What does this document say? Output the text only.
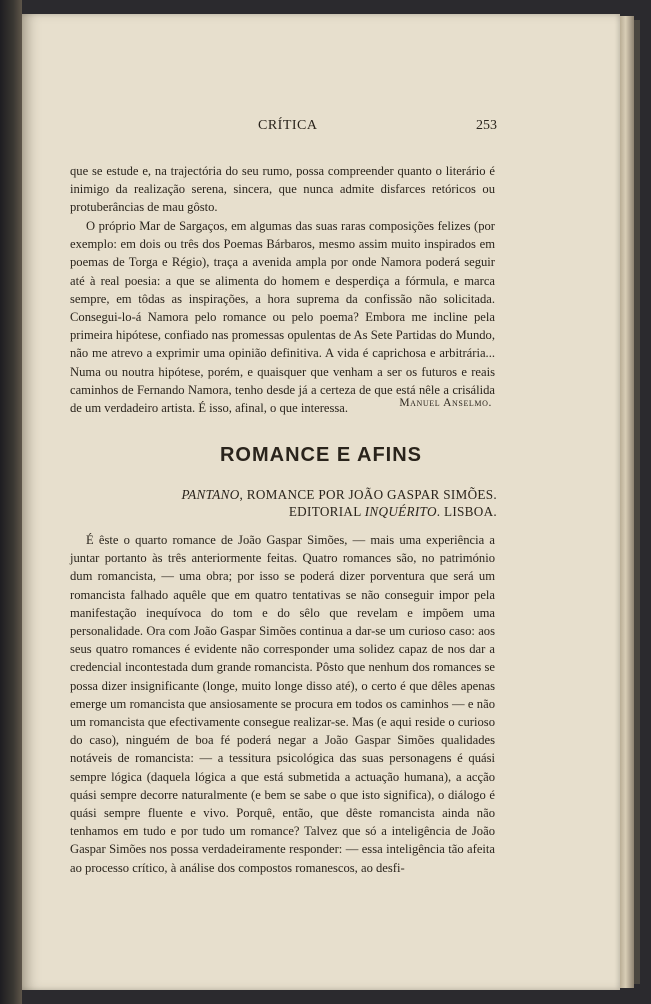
CRÍTICA	253

que se estude e, na trajectória do seu rumo, possa compreender quanto o literário é inimigo da realização serena, sincera, que nunca admite disfarces retóricos ou protuberâncias de mau gôsto.

O próprio Mar de Sargaços, em algumas das suas raras composições felizes (por exemplo: em dois ou três dos Poemas Bárbaros, mesmo assim muito inspirados em poemas de Torga e Régio), traça a avenida ampla por onde Namora poderá seguir até à real poesia: a que se alimenta do homem e desperdiça a fórmula, e marca sempre, em tôdas as inspirações, a hora suprema da confissão não solicitada. Consegui-lo-á Namora pelo romance ou pelo poema? Embora me incline pela primeira hipótese, confiado nas promessas opulentas de As Sete Partidas do Mundo, não me atrevo a exprimir uma opinião definitiva. A vida é caprichosa e arbitrária... Numa ou noutra hipótese, porém, e quaisquer que venham a ser os futuros e reais caminhos de Fernando Namora, tenho desde já a certeza de que está nêle a crisálida de um verdadeiro artista. É isso, afinal, o que interessa.	Manuel Anselmo.
ROMANCE E AFINS
PANTANO, ROMANCE POR JOÃO GASPAR SIMÕES.
EDITORIAL INQUÉRITO. LISBOA.

É êste o quarto romance de João Gaspar Simões, — mais uma experiência a juntar portanto às três anteriormente feitas. Quatro romances são, no património dum romancista, — uma obra; por isso se poderá dizer porventura que será um romancista falhado aquêle que em quatro tentativas se não conseguir impor pela manifestação inequívoca do tom e do sêlo que revelam e impõem uma personalidade. Ora com João Gaspar Simões continua a dar-se um curioso caso: aos seus quatro romances é evidente não corresponder uma solidez capaz de nos dar a credencial incontestada dum grande romancista. Pôsto que nenhum dos romances se possa dizer insignificante (longe, muito longe disso até), o certo é que dêles apenas emerge um romancista que ansiosamente se procura em todos os caminhos — e não um romancista que efectivamente consegue realizar-se. Mas (e aqui reside o curioso do caso), ninguém de boa fé poderá negar a João Gaspar Simões qualidades notáveis de romancista: — a tessitura psicológica das suas personagens é quási sempre lógica (daquela lógica a que está submetida a actuação humana), a acção quási sempre decorre naturalmente (e bem se sabe o que isto significa), o diálogo é quási sempre fluente e vivo. Porquê, então, que dêste romancista ainda não tenhamos em tudo e por tudo um romance? Talvez que só a inteligência de João Gaspar Simões nos possa verdadeiramente responder: — essa inteligência tão afeita ao processo crítico, à análise dos compostos romanescos, ao desfi-
